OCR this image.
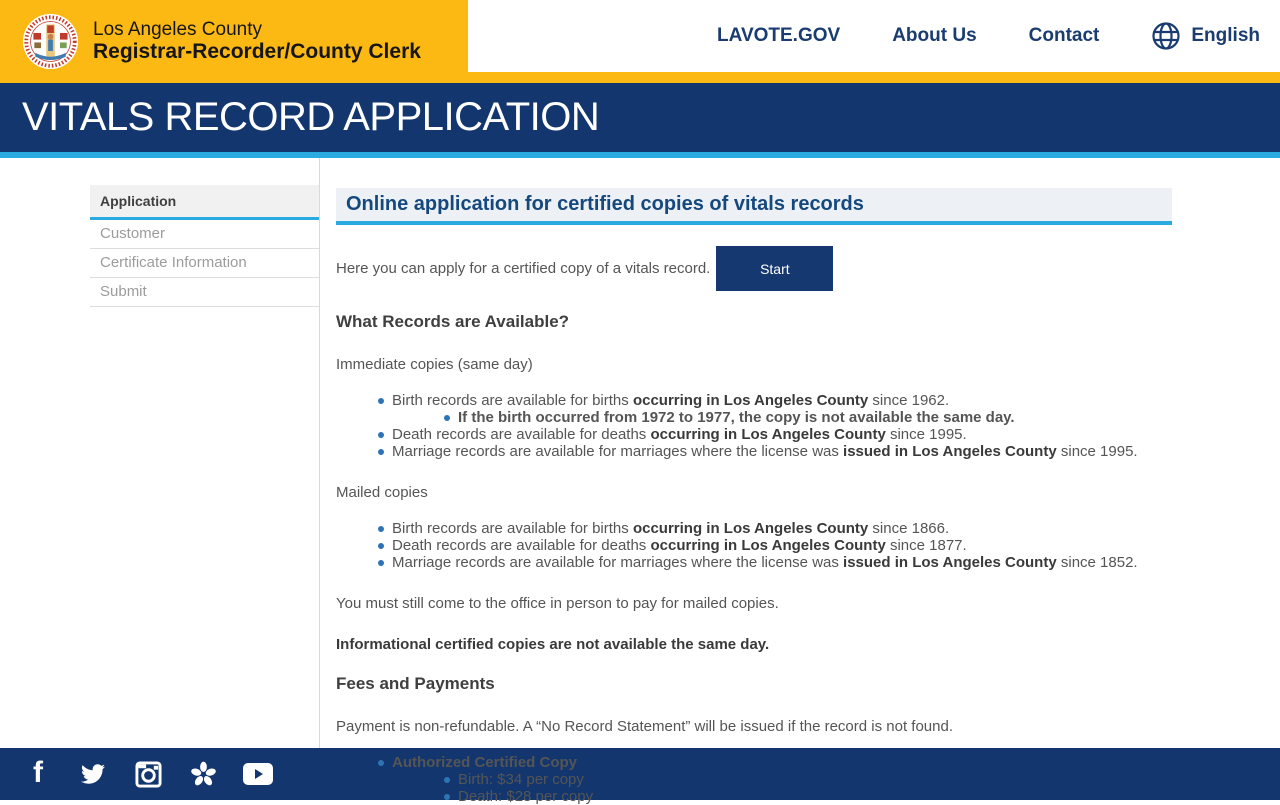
Los Angeles County
Registrar-Recorder/County Clerk
LAVOTE.GOV	About Us	Contact	English
VITALS RECORD APPLICATION
Application
Customer
Certificate Information
Submit
Online application for certified copies of vitals records

Here you can apply for a certified copy of a vitals record.	Start
What Records are Available?

Immediate copies (same day)

Birth records are available for births occurring in Los Angeles County since 1962.
If the birth occurred from 1972 to 1977, the copy is not available the same day.
Death records are available for deaths occurring in Los Angeles County since 1995.
Marriage records are available for marriages where the license was issued in Los Angeles County since 1995.

Mailed copies

Birth records are available for births occurring in Los Angeles County since 1866.
Death records are available for deaths occurring in Los Angeles County since 1877.
Marriage records are available for marriages where the license was issued in Los Angeles County since 1852.

You must still come to the office in person to pay for mailed copies.

Informational certified copies are not available the same day.

Fees and Payments

Payment is non-refundable. A “No Record Statement” will be issued if the record is not found.

Authorized Certified Copy
Birth: $34 per copy
Death: $28 per copy
f
